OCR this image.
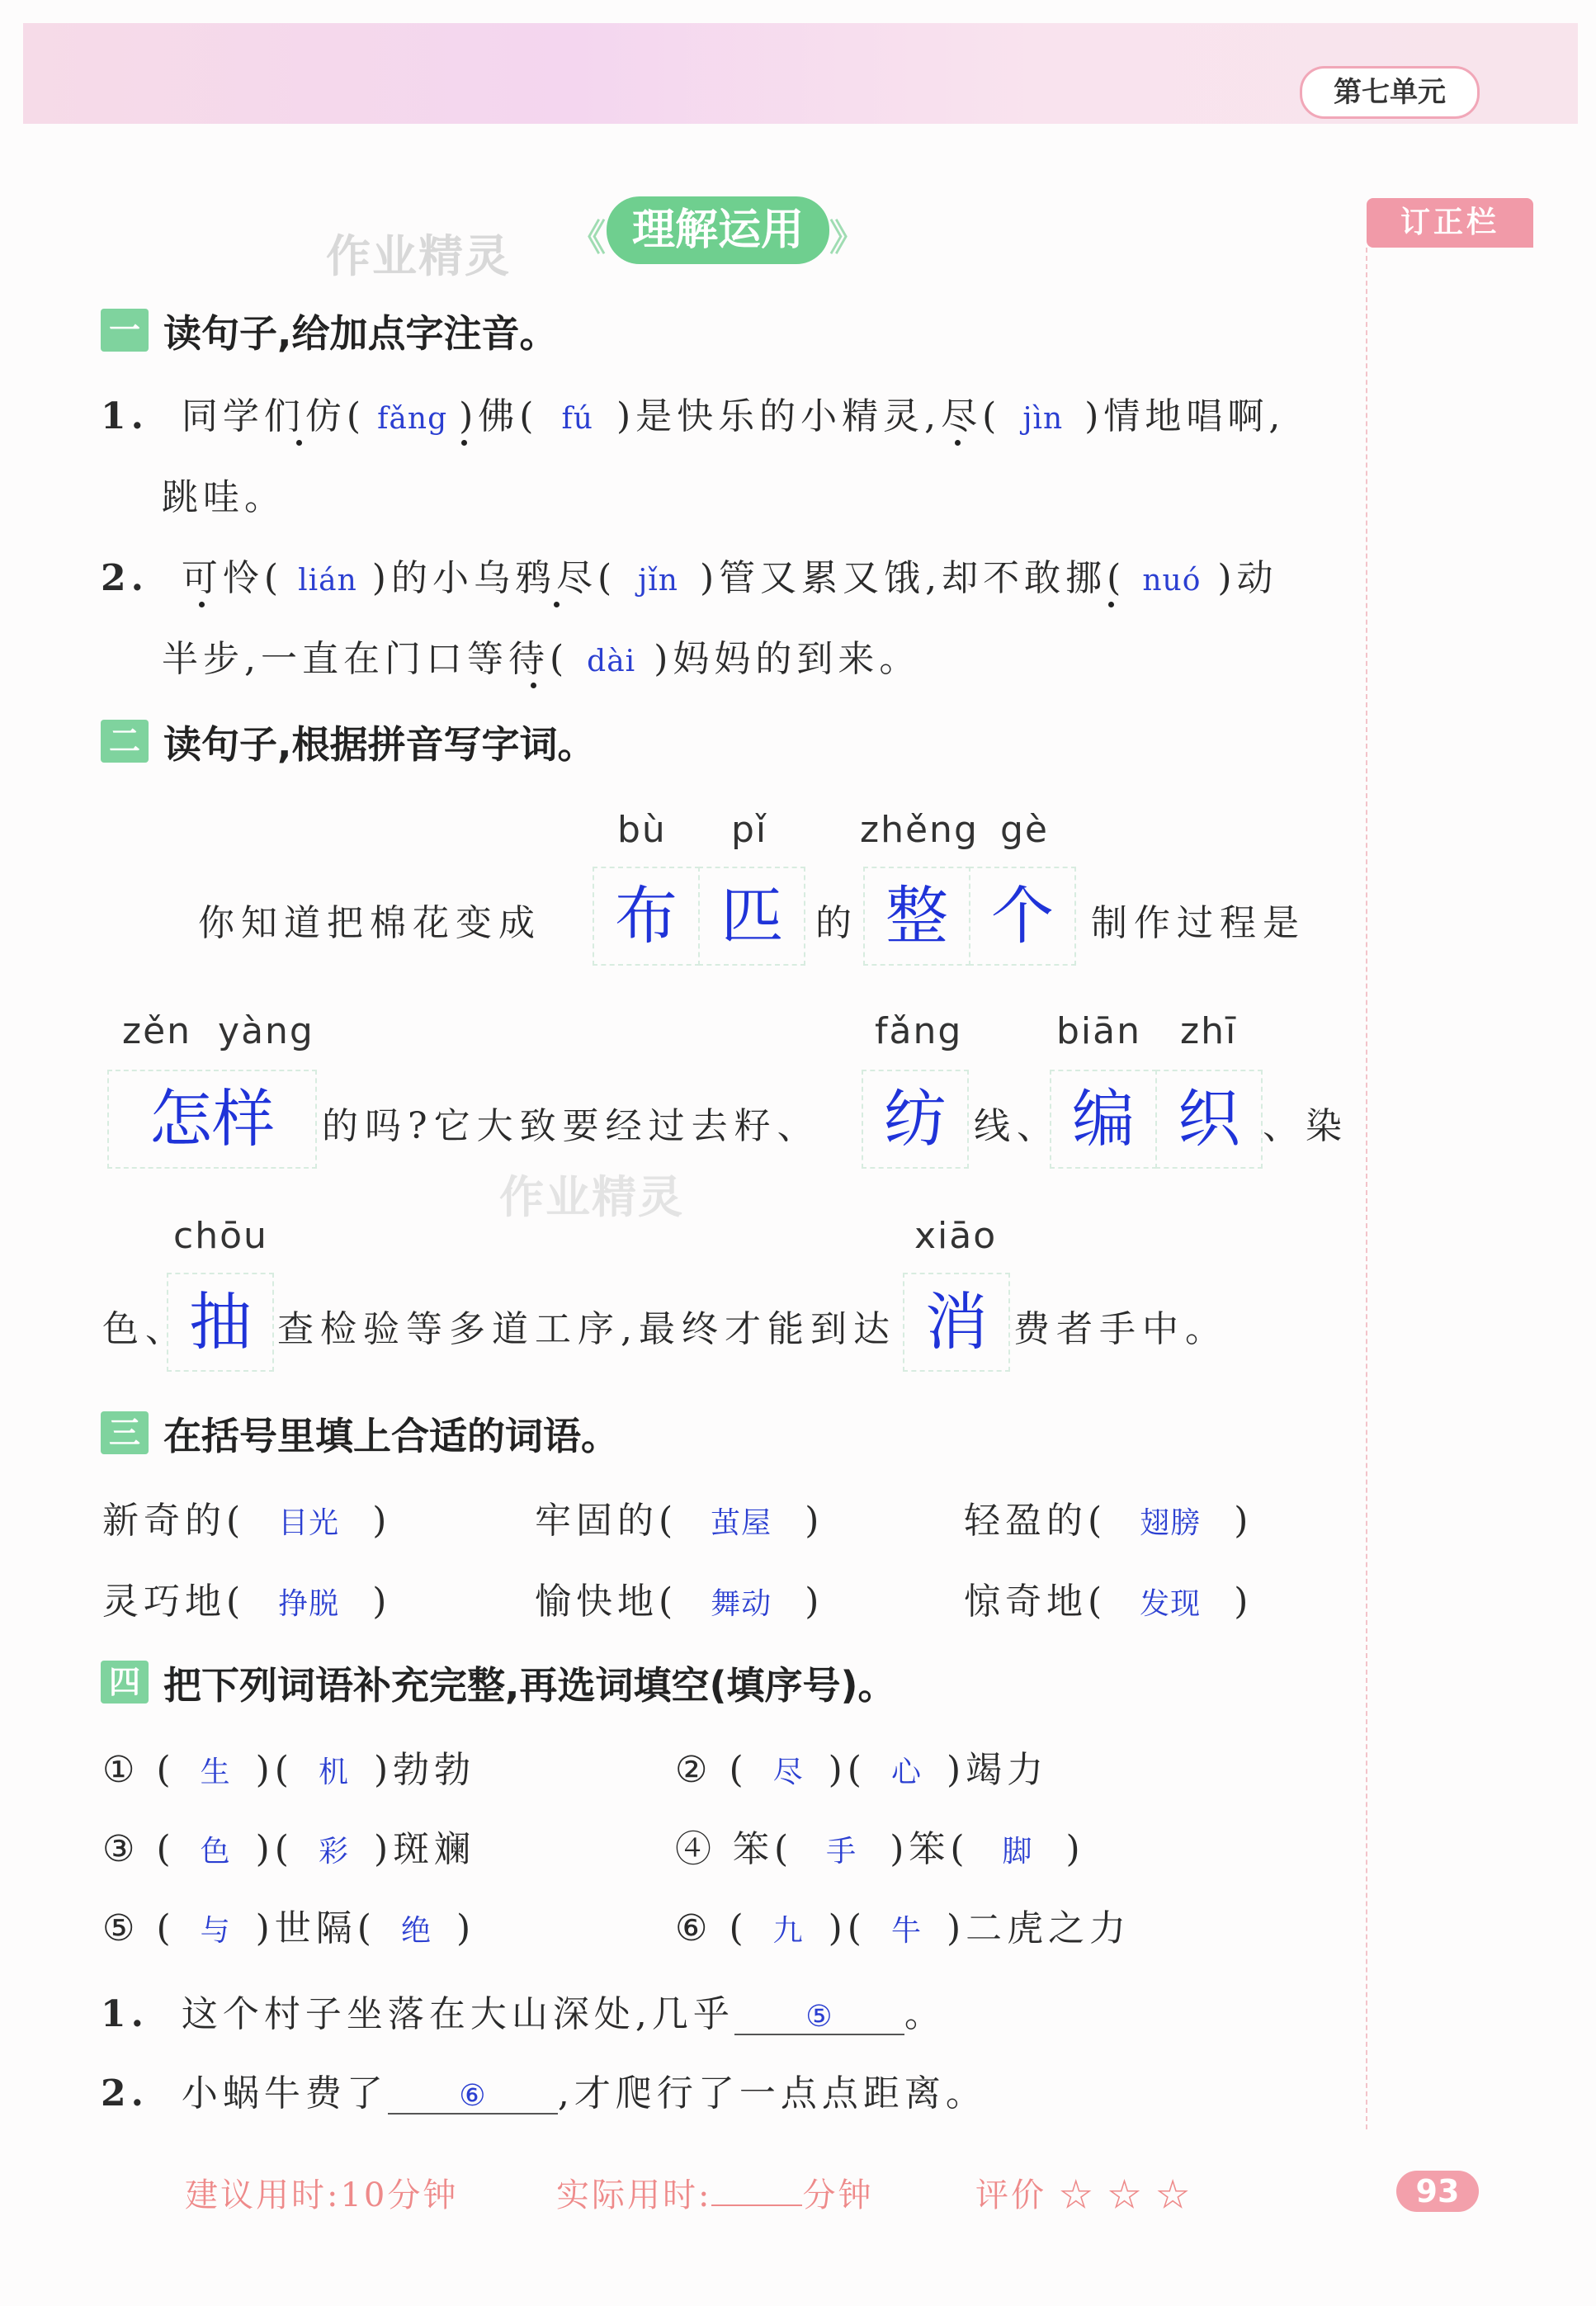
第七单元
订正栏
作业精灵 《 理解运用 》
一 读句子,给加点字注音。
1. 同学们仿( fǎng )佛( fú )是快乐的小精灵,尽( jìn )情地唱啊,
跳哇。
2. 可怜( lián )的小乌鸦尽( jǐn )管又累又饿,却不敢挪( nuó )动
半步,一直在门口等待( dài )妈妈的到来。
二 读句子,根据拼音写字词。
bù pǐ	zhěng gè
你知道把棉花变成	布 匹 的 整 个	制作过程是
zěn yàng	fǎng	biān zhī
怎样	的吗?它大致要经过去籽、	纺 线、 编 织 、染
作业精灵
chōu	xiāo
色、 抽 查检验等多道工序,最终才能到达 消 费者手中。
三 在括号里填上合适的词语。
新奇的( 目光 )	牢固的( 茧屋 )	轻盈的( 翅膀 )
灵巧地( 挣脱 )	愉快地( 舞动 )	惊奇地( 发现 )
四 把下列词语补充完整,再选词填空(填序号)。
① ( 生 )( 机 )勃勃	② ( 尽 )( 心 )竭力
③ ( 色 )( 彩 )斑斓	④ 笨( 手 )笨( 脚 )
⑤ ( 与 )世隔( 绝 )	⑥ ( 九 )( 牛 )二虎之力
1. 这个村子坐落在大山深处,几乎 ⑤ 。
2. 小蜗牛费了 ⑥ ,才爬行了一点点距离。
建议用时:10分钟	实际用时:	分钟	评价 ☆ ☆ ☆	93
